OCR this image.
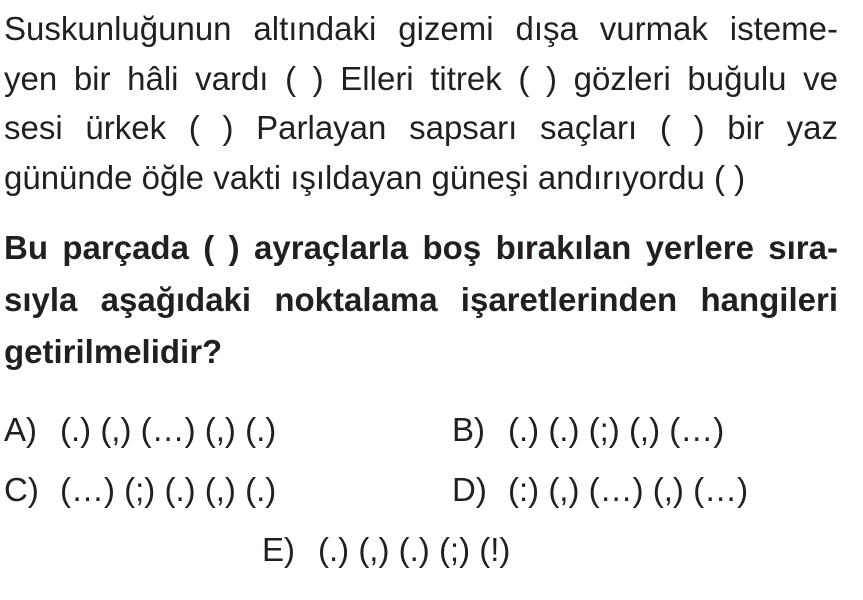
Suskunluğunun altındaki gizemi dışa vurmak isteme-
yen bir hâli vardı ( ) Elleri titrek ( ) gözleri buğulu ve
sesi ürkek ( ) Parlayan sapsarı saçları ( ) bir yaz
gününde öğle vakti ışıldayan güneşi andırıyordu ( )
Bu parçada ( ) ayraçlarla boş bırakılan yerlere sıra-
sıyla aşağıdaki noktalama işaretlerinden hangileri
getirilmelidir?
A) (.) (,) (…) (,) (.)	B) (.) (.) (;) (,) (…)
C) (…) (;) (.) (,) (.)	D) (:) (,) (…) (,) (…)
E) (.) (,) (.) (;) (!)
